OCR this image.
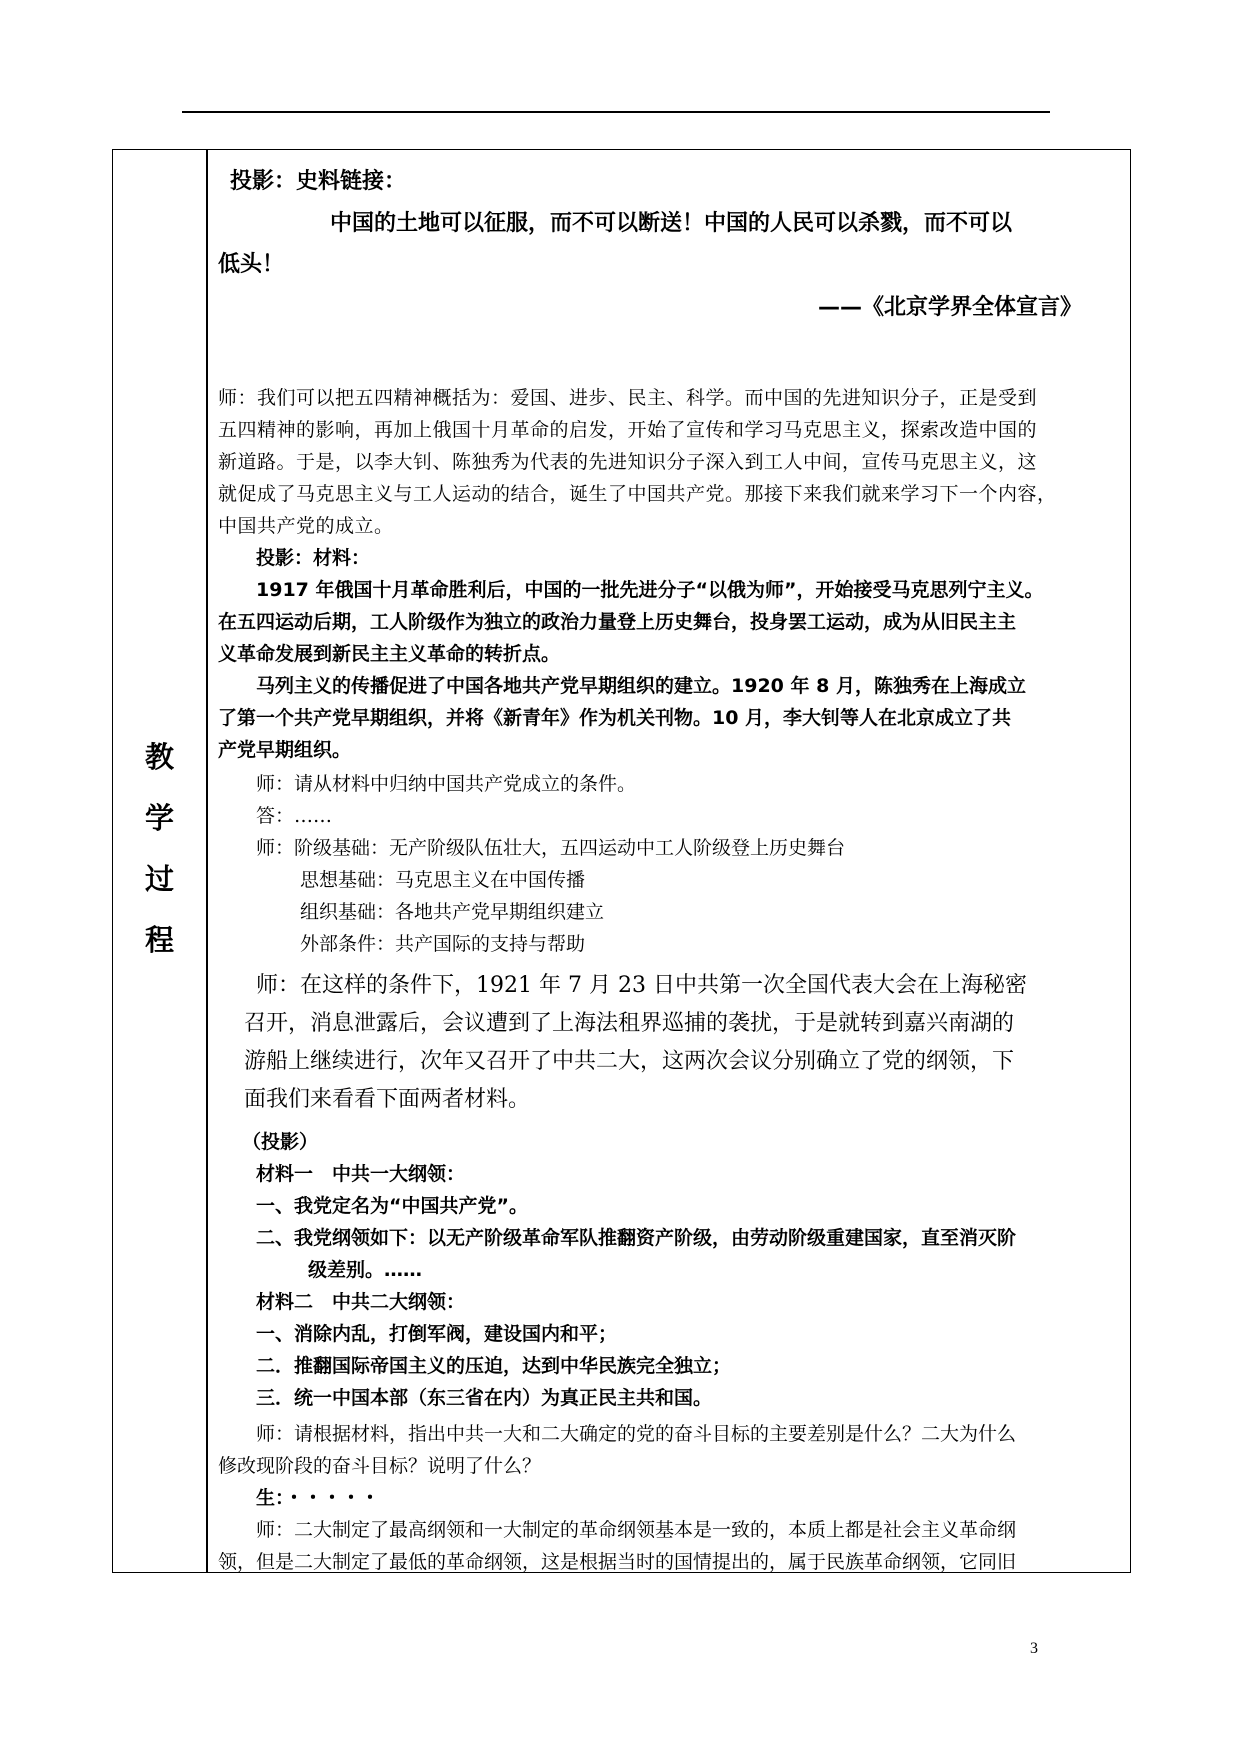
教
学
过
程
投影：史料链接：
中国的土地可以征服，而不可以断送！中国的人民可以杀戮，而不可以
低头！
——《北京学界全体宣言》
师：我们可以把五四精神概括为：爱国、进步、民主、科学。而中国的先进知识分子，正是受到
五四精神的影响，再加上俄国十月革命的启发，开始了宣传和学习马克思主义，探索改造中国的
新道路。于是，以李大钊、陈独秀为代表的先进知识分子深入到工人中间，宣传马克思主义，这
就促成了马克思主义与工人运动的结合，诞生了中国共产党。那接下来我们就来学习下一个内容，
中国共产党的成立。
投影：材料：
1917 年俄国十月革命胜利后，中国的一批先进分子“以俄为师”，开始接受马克思列宁主义。
在五四运动后期，工人阶级作为独立的政治力量登上历史舞台，投身罢工运动，成为从旧民主主
义革命发展到新民主主义革命的转折点。
马列主义的传播促进了中国各地共产党早期组织的建立。1920 年 8 月，陈独秀在上海成立
了第一个共产党早期组织，并将《新青年》作为机关刊物。10 月，李大钊等人在北京成立了共
产党早期组织。
师：请从材料中归纳中国共产党成立的条件。
答：……
师：阶级基础：无产阶级队伍壮大，五四运动中工人阶级登上历史舞台
思想基础：马克思主义在中国传播
组织基础：各地共产党早期组织建立
外部条件：共产国际的支持与帮助
师：在这样的条件下，1921 年 7 月 23 日中共第一次全国代表大会在上海秘密
召开，消息泄露后，会议遭到了上海法租界巡捕的袭扰，于是就转到嘉兴南湖的
游船上继续进行，次年又召开了中共二大，这两次会议分别确立了党的纲领，下
面我们来看看下面两者材料。
（投影）
材料一　中共一大纲领：
一、我党定名为“中国共产党”。
二、我党纲领如下：以无产阶级革命军队推翻资产阶级，由劳动阶级重建国家，直至消灭阶
级差别。……
材料二　中共二大纲领：
一、消除内乱，打倒军阀，建设国内和平；
二．推翻国际帝国主义的压迫，达到中华民族完全独立；
三．统一中国本部（东三省在内）为真正民主共和国。
师：请根据材料，指出中共一大和二大确定的党的奋斗目标的主要差别是什么？二大为什么
修改现阶段的奋斗目标？说明了什么？
生：・・・・・
师：二大制定了最高纲领和一大制定的革命纲领基本是一致的，本质上都是社会主义革命纲
领，但是二大制定了最低的革命纲领，这是根据当时的国情提出的，属于民族革命纲领，它同旧
3
